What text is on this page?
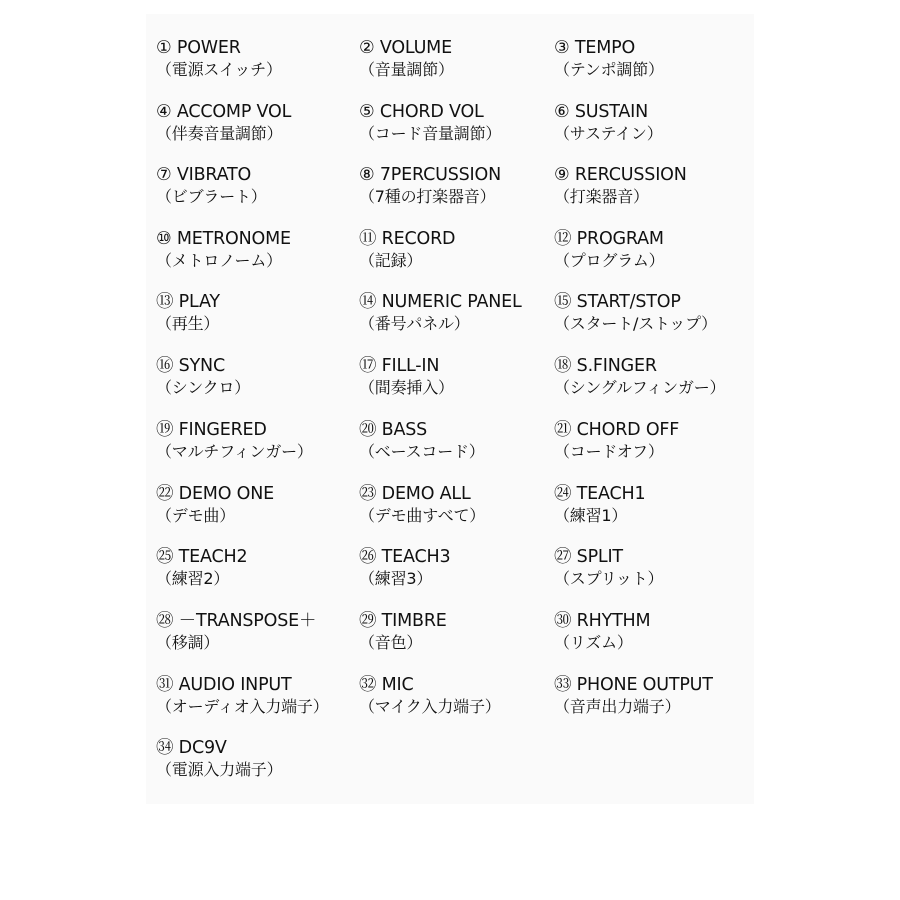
① POWER
（電源スイッチ）
② VOLUME
（音量調節）
③ TEMPO
（テンポ調節）
④ ACCOMP VOL
（伴奏音量調節）
⑤ CHORD VOL
（コード音量調節）
⑥ SUSTAIN
（サステイン）
⑦ VIBRATO
（ビブラート）
⑧ 7PERCUSSION
（7種の打楽器音）
⑨ RERCUSSION
（打楽器音）
⑩ METRONOME
（メトロノーム）
⑪ RECORD
（記録）
⑫ PROGRAM
（プログラム）
⑬ PLAY
（再生）
⑭ NUMERIC PANEL
（番号パネル）
⑮ START/STOP
（スタート/ストップ）
⑯ SYNC
（シンクロ）
⑰ FILL-IN
（間奏挿入）
⑱ S.FINGER
（シングルフィンガー）
⑲ FINGERED
（マルチフィンガー）
⑳ BASS
（ベースコード）
㉑ CHORD OFF
（コードオフ）
㉒ DEMO ONE
（デモ曲）
㉓ DEMO ALL
（デモ曲すべて）
㉔ TEACH1
（練習1）
㉕ TEACH2
（練習2）
㉖ TEACH3
（練習3）
㉗ SPLIT
（スプリット）
㉘ －TRANSPOSE＋
（移調）
㉙ TIMBRE
（音色）
㉚ RHYTHM
（リズム）
㉛ AUDIO INPUT
（オーディオ入力端子）
㉜ MIC
（マイク入力端子）
㉝ PHONE OUTPUT
（音声出力端子）
㉞ DC9V
（電源入力端子）
